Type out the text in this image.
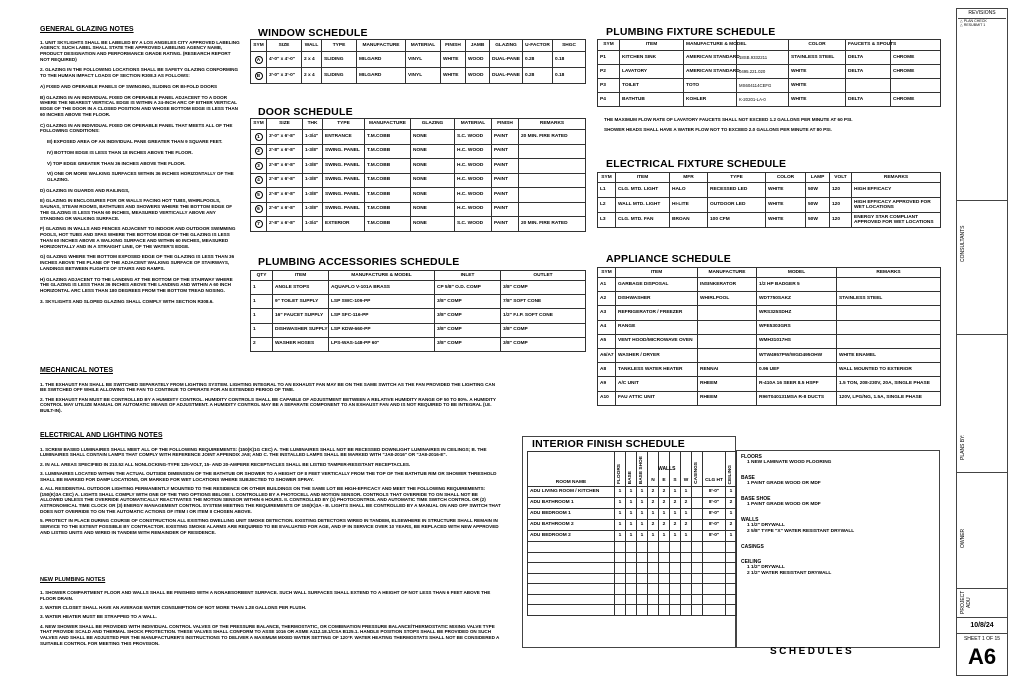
GENERAL GLAZING NOTES
1. UNIT SKYLIGHTS SHALL BE LABELED BY A LOS ANGELES CITY APPROVED LABELING AGENCY. SUCH LABEL SHALL STATE THE APPROVED LABELING AGENCY NAME, PRODUCT DESIGNATION AND PERFORMANCE GRADE RATING. (RESEARCH REPORT NOT REQUIRED)
2. GLAZING IN THE FOLLOWING LOCATIONS SHALL BE SAFETY GLAZING CONFORMING TO THE HUMAN IMPACT LOADS OF SECTION R308.3 AS FOLLOWS:
A) FIXED AND OPERABLE PANELS OF SWINGING, SLIDING OR BI-FOLD DOORS
B) GLAZING IN AN INDIVIDUAL FIXED OR OPERABLE PANEL ADJACENT TO A DOOR WHERE THE NEAREST VERTICAL EDGE IS WITHIN A 24-INCH ARC OF EITHER VERTICAL EDGE OF THE DOOR IN A CLOSED POSITION AND WHOSE BOTTOM EDGE IS LESS THAN 60 INCHES ABOVE THE FLOOR.
C) GLAZING IN AN INDIVIDUAL FIXED OR OPERABLE PANEL THAT MEETS ALL OF THE FOLLOWING CONDITIONS:
III) EXPOSED AREA OF AN INDIVIDUAL PANE GREATER THAN 9 SQUARE FEET.
IV) BOTTOM EDGE IS LESS THAN 18 INCHES ABOVE THE FLOOR.
V) TOP EDGE GREATER THAN 36 INCHES ABOVE THE FLOOR.
VI) ONE OR MORE WALKING SURFACES WITHIN 36 INCHES HORIZONTALLY OF THE GLAZING.
D) GLAZING IN GUARDS AND RAILINGS,
E) GLAZING IN ENCLOSURES FOR OR WALLS FACING HOT TUBS, WHIRLPOOLS, SAUNAS, STEAM ROOMS, BATHTUBS AND SHOWERS WHERE THE BOTTOM EDGE OF THE GLAZING IS LESS THAN 60 INCHES, MEASURED VERTICALLY ABOVE ANY STANDING OR WALKING SURFACE.
F) GLAZING IN WALLS AND FENCES ADJACENT TO INDOOR AND OUTDOOR SWIMMING POOLS, HOT TUBS AND SPAS WHERE THE BOTTOM EDGE OF THE GLAZING IS LESS THAN 60 INCHES ABOVE A WALKING SURFACE AND WITHIN 60 INCHES, MEASURED HORIZONTALLY AND IN A STRAIGHT LINE, OF THE WATER'S EDGE.
G) GLAZING WHERE THE BOTTOM EXPOSED EDGE OF THE GLAZING IS LESS THAN 36 INCHES ABOVE THE PLANE OF THE ADJACENT WALKING SURFACE OF STAIRWAYS, LANDINGS BETWEEN FLIGHTS OF STAIRS AND RAMPS.
H) GLAZING ADJACENT TO THE LANDING AT THE BOTTOM OF THE STAIRWAY WHERE THE GLAZING IS LESS THAN 36 INCHES ABOVE THE LANDING AND WITHIN A 60 INCH HORIZONTAL ARC LESS THAN 180 DEGREES FROM THE BOTTOM TREAD NOSING.
3. SKYLIGHTS AND SLOPED GLAZING SHALL COMPLY WITH SECTION R308.6.
MECHANICAL NOTES
1. THE EXHAUST FAN SHALL BE SWITCHED SEPARATELY FROM LIGHTING SYSTEM. LIGHTING INTEGRAL TO AN EXHAUST FAN MAY BE ON THE SAME SWITCH AS THE FAN PROVIDED THE LIGHTING CAN BE SWITCHED OFF WHILE ALLOWING THE FAN TO CONTINUE TO OPERATE FOR AN EXTENDED PERIOD OF TIME.
2. THE EXHAUST FAN MUST BE CONTROLLED BY A HUMIDITY CONTROL. HUMIDITY CONTROLS SHALL BE CAPABLE OF ADJUSTMENT BETWEEN A RELATIVE HUMIDITY RANGE OF 50 TO 80%. A HUMIDITY CONTROL MAY UTILIZE MANUAL OR AUTOMATIC MEANS OF ADJUSTMENT. A HUMIDITY CONTROL MAY BE A SEPARATE COMPONENT TO AN EXHAUST FAN AND IS NOT REQUIRED TO BE INTEGRAL (I.E. BUILT-IN).
ELECTRICAL AND LIGHTING NOTES
1. SCREW BASED LUMINAIRES SHALL MEET ALL OF THE FOLLOWING REQUIREMENTS: (150(K)1G CEC) A. THE LUMINAIRES SHALL NOT BE RECESSED DOWNLIGHT LUMINAIRES IN CEILINGS; B. THE LUMINAIRES SHALL CONTAIN LAMPS THAT COMPLY WITH REFERENCE JOINT APPENDIX JA8; AND C. THE INSTALLED LAMPS SHALL BE MARKED WITH "JA8-2016" OR "JA8-2016-E".
2. IN ALL AREAS SPECIFIED IN 210.52 ALL NONLOCKING-TYPE 125-VOLT, 15- AND 20-AMPERE RECEPTACLES SHALL BE LISTED TAMPER-RESISTANT RECEPTACLES.
3. LUMINAIRES LOCATED WITHIN THE ACTUAL OUTSIDE DIMENSION OF THE BATHTUB OR SHOWER TO A HEIGHT OF 8 FEET VERTICALLY FROM THE TOP OF THE BATHTUB RIM OR SHOWER THRESHOLD SHALL BE MARKED FOR DAMP LOCATIONS, OR MARKED FOR WET LOCATIONS WHERE SUBJECTED TO SHOWER SPRAY.
4. ALL RESIDENTIAL OUTDOOR LIGHTING PERMANENTLY MOUNTED TO THE RESIDENCE OR OTHER BUILDINGS ON THE SAME LOT BE HIGH-EFFICACY AND MEET THE FOLLOWING REQUIREMENTS: (150(K)3A CEC) A. LIGHTS SHALL COMPLY WITH ONE OF THE TWO OPTIONS BELOW: I. CONTROLLED BY A PHOTOCELL AND MOTION SENSOR. CONTROLS THAT OVERRIDE TO ON SHALL NOT BE ALLOWED UNLESS THE OVERRIDE AUTOMATICALLY REACTIVATES THE MOTION SENSOR WITHIN 6 HOURS. II. CONTROLLED BY (1) PHOTOCONTROL AND AUTOMATIC TIME SWITCH CONTROL OR (2) ASTRONOMICAL TIME CLOCK OR (3) ENERGY MANAGEMENT CONTROL SYSTEM MEETING THE REQUIREMENTS OF 150(K)3A - B. LIGHTS SHALL BE CONTROLLED BY A MANUAL ON AND OFF SWITCH THAT DOES NOT OVERRIDE TO ON THE AUTOMATIC ACTIONS OF ITEM I OR ITEM II CHOSEN ABOVE.
5. PROTECT IN PLACE DURING COURSE OF CONSTRUCTION ALL EXISTING DWELLING UNIT SMOKE DETECTION. EXISTING DETECTORS WIRED IN TANDEM, ELSEWHERE IN STRUCTURE SHALL REMAIN IN SERVICE TO THE EXTENT POSSIBLE BY CONTRACTOR. EXISTING SMOKE ALARMS ARE REQUIRED TO BE EVALUATED FOR AGE, AND IF IN SERVICE OVER 10 YEARS, BE REPLACED WITH NEW APPROVED AND LISTED UNITS AND WIRED IN TANDEM WITH REMAINDER OF RESIDENCE.
NEW PLUMBING NOTES
1. SHOWER COMPARTMENT FLOOR AND WALLS SHALL BE FINISHED WITH A NONABSORBENT SURFACE. SUCH WALL SURFACES SHALL EXTEND TO A HEIGHT OF NOT LESS THAN 6 FEET ABOVE THE FLOOR DRAIN.
2. WATER CLOSET SHALL HAVE AN AVERAGE WATER CONSUMPTION OF NOT MORE THAN 1.28 GALLONS PER FLUSH.
3. WATER HEATER MUST BE STRAPPED TO A WALL.
4. NEW SHOWER SHALL BE PROVIDED WITH INDIVIDUAL CONTROL VALVES OF THE PRESSURE BALANCE, THERMOSTATIC, OR COMBINATION PRESSURE BALANCE/THERMOSTATIC MIXING VALVE TYPE THAT PROVIDE SCALD AND THERMAL SHOCK PROTECTION. THESE VALVES SHALL CONFORM TO ASSE 1016 OR ASME A112.18.1/CSA B125.1. HANDLE POSITION STOPS SHALL BE PROVIDED ON SUCH VALVES AND SHALL BE ADJUSTED PER THE MANUFACTURER'S INSTRUCTIONS TO DELIVER A MAXIMUM MIXED WATER SETTING OF 120°F. WATER HEATING THERMOSTATS SHALL NOT BE CONSIDERED A SUITABLE CONTROL FOR MEETING THIS PROVISION.
WINDOW SCHEDULE
SYM	SIZE	WALL	TYPE	MANUFACTURE	MATERIAL	FINISH	JAMB	GLAZING	U-FACTOR	SHGC
A	4'-0" x 4'-0"	2 x 4	SLIDING	MILGARD	VINYL	WHITE	WOOD	DUAL-PANE	0.28	0.18
B	3'-0" x 3'-0"	2 x 4	SLIDING	MILGARD	VINYL	WHITE	WOOD	DUAL-PANE	0.28	0.18
DOOR SCHEDULE
SYM	SIZE	THK	TYPE	MANUFACTURE	GLAZING	MATERIAL	FINISH	REMARKS
1	3'-0" x 6'-8"	1-3/4"	ENTRANCE	T.M.COBB	NONE	S.C. WOOD	PAINT	20 MIN. FIRE RATED
2	2'-8" x 6'-8"	1-3/8"	SWING. PANEL	T.M.COBB	NONE	H.C. WOOD	PAINT	
3	2'-8" x 6'-8"	1-3/8"	SWING. PANEL	T.M.COBB	NONE	H.C. WOOD	PAINT	
4	2'-8" x 6'-8"	1-3/8"	SWING. PANEL	T.M.COBB	NONE	H.C. WOOD	PAINT	
5	2'-8" x 6'-8"	1-3/8"	SWING. PANEL	T.M.COBB	NONE	H.C. WOOD	PAINT	
6	2'-6" x 6'-8"	1-3/8"	SWING. PANEL	T.M.COBB	NONE	H.C. WOOD	PAINT	
7	2'-8" x 6'-8"	1-3/4"	EXTERIOR	T.M.COBB	NONE	S.C. WOOD	PAINT	20 MIN. FIRE RATED
PLUMBING ACCESSORIES SCHEDULE
QTY	ITEM	MANUFACTURE & MODEL	INLET	OUTLET
1	ANGLE STOPS	AQUAFLO V-101A BRASS	CP 5/8" O.D. COMP	3/8" COMP
1	9" TOILET SUPPLY	LSP SWC-109-PP	3/8" COMP	7/8" SOFT CONE
1	16" FAUCET SUPPLY	LSP SFC-116-PP	3/8" COMP	1/2" F.I.P. SOFT CONE
1	DISHWASHER SUPPLY	LSP KDW-660-PP	3/8" COMP	3/8" COMP
2	WASHER HOSES	LPS-WAS-148-PP 60"	3/8" COMP	3/8" COMP
PLUMBING FIXTURE SCHEDULE
SYM	ITEM	MANUFACTURE & MODEL		COLOR	FAUCETS & SPOUTS	
P1	KITCHEN SINK	AMERICAN STANDARD	18SB.9332211	STAINLESS STEEL	DELTA	CHROME
P2	LAVATORY	AMERICAN STANDARD	0495.221.020	WHITE	DELTA	CHROME
P3	TOILET	TOTO	MS604114CEFG	WHITE		
P4	BATHTUB	KOHLER	K-20201-LA-0	WHITE	DELTA	CHROME
THE MAXIMUM FLOW RATE OF LAVATORY FAUCETS SHALL NOT EXCEED 1.2 GALLONS PER MINUTE AT 60 PSI.
SHOWER HEADS SHALL HAVE A WATER FLOW NOT TO EXCEED 2.0 GALLONS PER MINUTE AT 80 PSI.
ELECTRICAL FIXTURE SCHEDULE
SYM	ITEM	MFR	TYPE	COLOR	LAMP	VOLT	REMARKS
L1	CLG. MTD. LIGHT	HALO	RECESSED LED	WHITE	50W	120	HIGH EFFICACY
L2	WALL MTD. LIGHT	HI-LITE	OUTDOOR LED	WHITE	50W	120	HIGH EFFICACY APPROVED FOR WET LOCATIONS
L3	CLG. MTD. FAN	BROAN	100 CFM	WHITE	50W	120	ENERGY STAR COMPLIANT APPROVED FOR WET LOCATIONS
APPLIANCE SCHEDULE
SYM	ITEM	MANUFACTURE	MODEL	REMARKS
A1	GARBAGE DISPOSAL	INSINKERATOR	1/2 HP BADGER 5	
A2	DISHWASHER	WHIRLPOOL	WDT750SAKZ	STAINLESS STEEL
A3	REFRIGERATOR / FREEZER		WRS325SDHZ	
A4	RANGE		WFE5303GRS	
A5	VENT HOOD/MICROWAVE OVEN		WMH31017HS	
A6/A7	WASHER / DRYER		WTW4957PW/WGD495OHW	WHITE ENAMEL
A8	TANKLESS WATER HEATER	RENNAI	0.96 UEF	WALL MOUNTED TO EXTERIOR
A9	A/C UNIT	RHEEM	R-410A 16 SEER 8.5 HSPF	1.5 TON, 208-230V, 20A, SINGLE PHASE
A10	FAU ATTIC UNIT	RHEEM	R96T040131MSA R-8 DUCTS	120V, LPG/NG, 1.5A, SINGLE PHASE
INTERIOR FINISH SCHEDULE
ROOM NAME	FLOORS	BASE	BASE SHOE	N	E	S	W	CASINGS	CLG HT	CEILING

ADU LIVING ROOM / KITCHEN	1	1	1	2	2	1	1		8'-0"	1
ADU BATHROOM 1	1	1	1	2	2	2	2		8'-0"	2
ADU BEDROOM 1	1	1	1	1	1	1	1		8'-0"	1
ADU BATHROOM 2	1	1	1	2	2	2	2		8'-0"	2
ADU BEDROOM 2	1	1	1	1	1	1	1		8'-0"	1

FLOORS
1 NEW LAMINATE WOOD FLOORING
BASE
1 PAINT GRADE WOOD OR MDF
BASE SHOE
1 PAINT GRADE WOOD OR MDF
WALLS
1 1/2" DRYWALL
2 5/8" TYPE "X" WATER RESISTANT DRYWALL
CASINGS
CEILING
1 1/2" DRYWALL
2 1/2" WATER RESISTANT DRYWALL
REVISIONS
△ PLAN CHECK
△ RESUBMIT 1
CONSULTANTS
PLANS BY:
OWNER
PROJECT ADU
10/8/24
SHEET 1 OF 15
A6
SCHEDULES
WALLS
